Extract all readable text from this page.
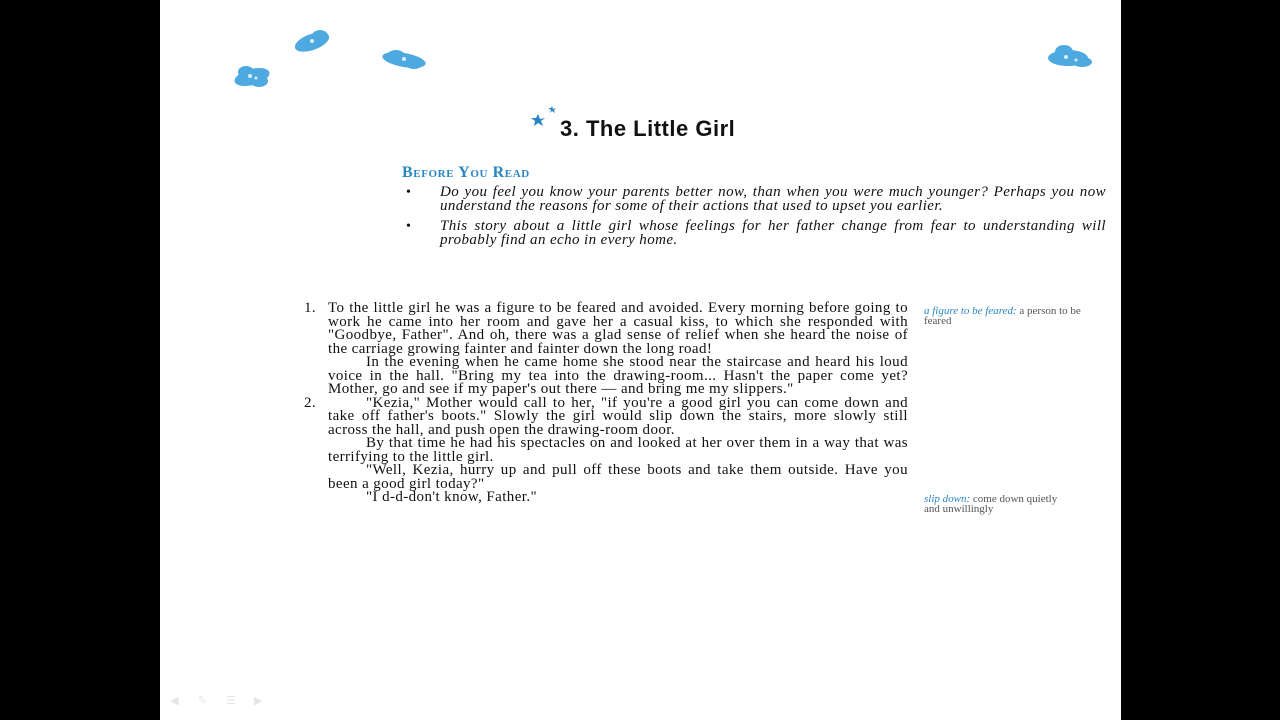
3. The Little Girl
Before You Read
• Do you feel you know your parents better now, than when you were much younger? Perhaps you now understand the reasons for some of their actions that used to upset you earlier.
• This story about a little girl whose feelings for her father change from fear to understanding will probably find an echo in every home.

1. To the little girl he was a figure to be feared and avoided. Every morning before going to work he came into her room and gave her a casual kiss, to which she responded with "Goodbye, Father". And oh, there was a glad sense of relief when she heard the noise of the carriage growing fainter and fainter down the long road!

In the evening when he came home she stood near the staircase and heard his loud voice in the hall. "Bring my tea into the drawing-room... Hasn't the paper come yet? Mother, go and see if my paper's out there — and bring me my slippers."

2.	"Kezia," Mother would call to her, "if you're a good girl you can come down and take off father's boots." Slowly the girl would slip down the stairs, more slowly still across the hall, and push open the drawing-room door.

By that time he had his spectacles on and looked at her over them in a way that was terrifying to the little girl.

"Well, Kezia, hurry up and pull off these boots and take them outside. Have you been a good girl today?"

"I d-d-don't know, Father."

a figure to be feared: a person to be feared
slip down: come down quietly and unwillingly
◀	✎	☰	▶
